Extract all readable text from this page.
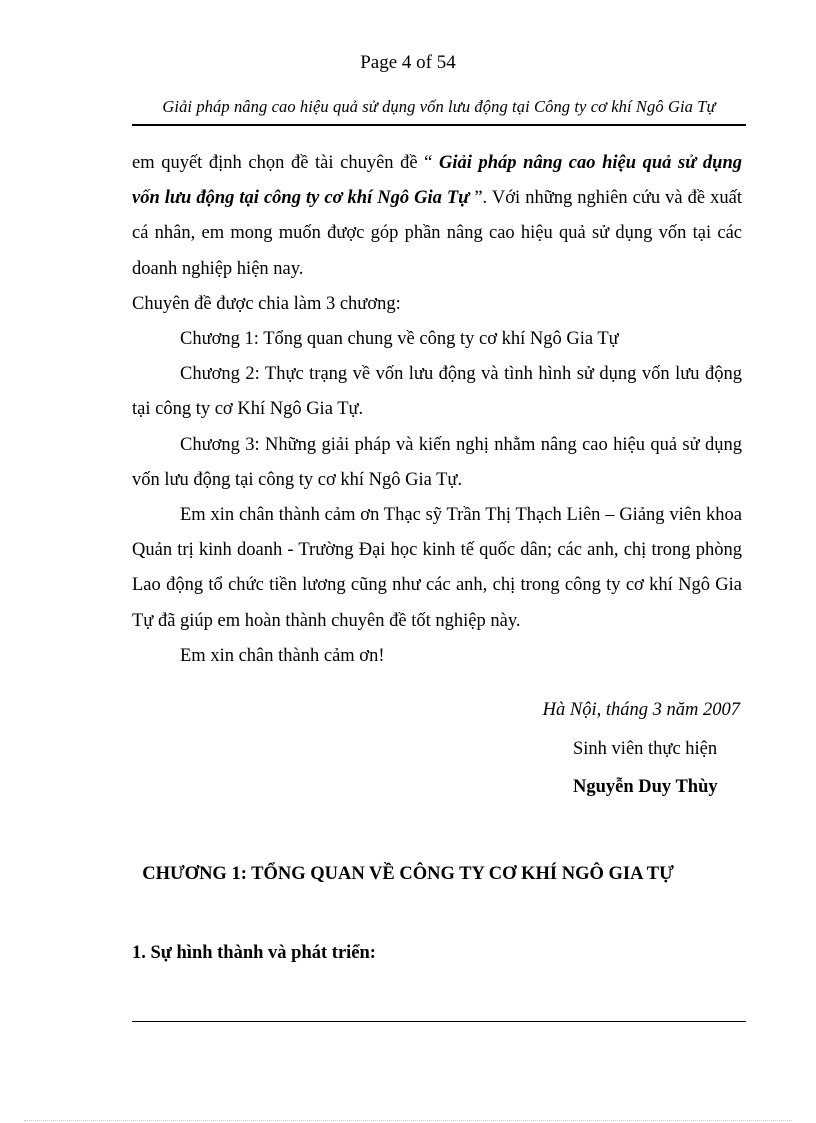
Page 4 of 54
Giải pháp nâng cao hiệu quả sử dụng vốn lưu động tại Công ty cơ khí Ngô Gia Tự

em quyết định chọn đề tài chuyên đề “ Giải pháp nâng cao hiệu quả sử dụng vốn lưu động tại công ty cơ khí Ngô Gia Tự ”. Với những nghiên cứu và đề xuất cá nhân, em mong muốn được góp phần nâng cao hiệu quả sử dụng vốn tại các doanh nghiệp hiện nay.

Chuyên đề được chia làm 3 chương:

Chương 1: Tổng quan chung về công ty cơ khí Ngô Gia Tự

Chương 2: Thực trạng về vốn lưu động và tình hình sử dụng vốn lưu động tại công ty cơ Khí Ngô Gia Tự.

Chương 3: Những giải pháp và kiến nghị nhằm nâng cao hiệu quả sử dụng vốn lưu động tại công ty cơ khí Ngô Gia Tự.

Em xin chân thành cảm ơn Thạc sỹ Trần Thị Thạch Liên – Giảng viên khoa Quản trị kinh doanh - Trường Đại học kinh tế quốc dân; các anh, chị trong phòng Lao động tổ chức tiền lương cũng như các anh, chị trong công ty cơ khí Ngô Gia Tự đã giúp em hoàn thành chuyên đề tốt nghiệp này.

Em xin chân thành cảm ơn!

Hà Nội, tháng 3 năm 2007
Sinh viên thực hiện
Nguyễn Duy Thùy
CHƯƠNG 1: TỔNG QUAN VỀ CÔNG TY CƠ KHÍ NGÔ GIA TỰ
1. Sự hình thành và phát triển:
